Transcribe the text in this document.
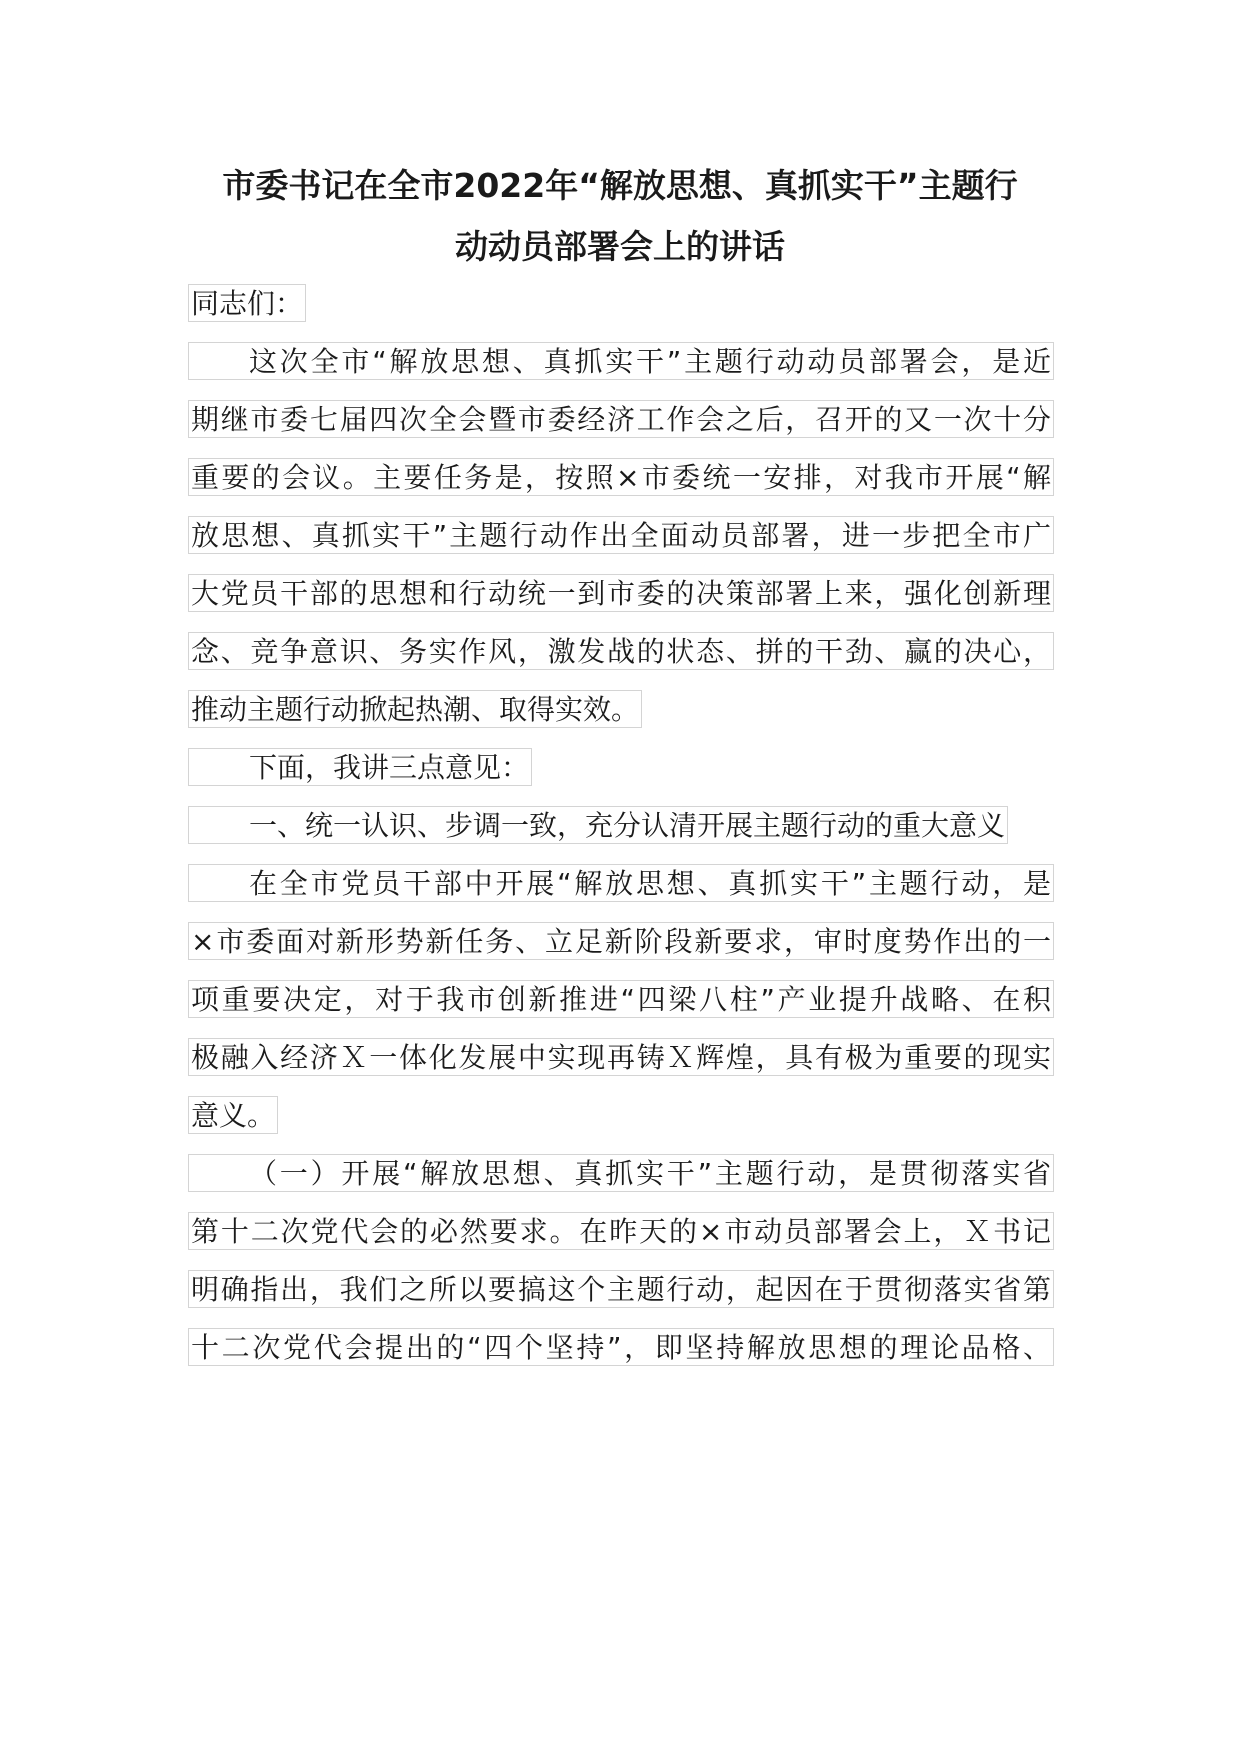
市委书记在全市2022年“解放思想、真抓实干”主题行
动动员部署会上的讲话
同志们：
这次全市“解放思想、真抓实干”主题行动动员部署会，是近
期继市委七届四次全会暨市委经济工作会之后，召开的又一次十分
重要的会议。主要任务是，按照×市委统一安排，对我市开展“解
放思想、真抓实干”主题行动作出全面动员部署，进一步把全市广
大党员干部的思想和行动统一到市委的决策部署上来，强化创新理
念、竞争意识、务实作风，激发战的状态、拼的干劲、赢的决心，
推动主题行动掀起热潮、取得实效。
下面，我讲三点意见：
一、统一认识、步调一致，充分认清开展主题行动的重大意义
在全市党员干部中开展“解放思想、真抓实干”主题行动，是
×市委面对新形势新任务、立足新阶段新要求，审时度势作出的一
项重要决定，对于我市创新推进“四梁八柱”产业提升战略、在积
极融入经济Ｘ一体化发展中实现再铸Ｘ辉煌，具有极为重要的现实
意义。
（一）开展“解放思想、真抓实干”主题行动，是贯彻落实省
第十二次党代会的必然要求。在昨天的×市动员部署会上，Ｘ书记
明确指出，我们之所以要搞这个主题行动，起因在于贯彻落实省第
十二次党代会提出的“四个坚持”，即坚持解放思想的理论品格、
